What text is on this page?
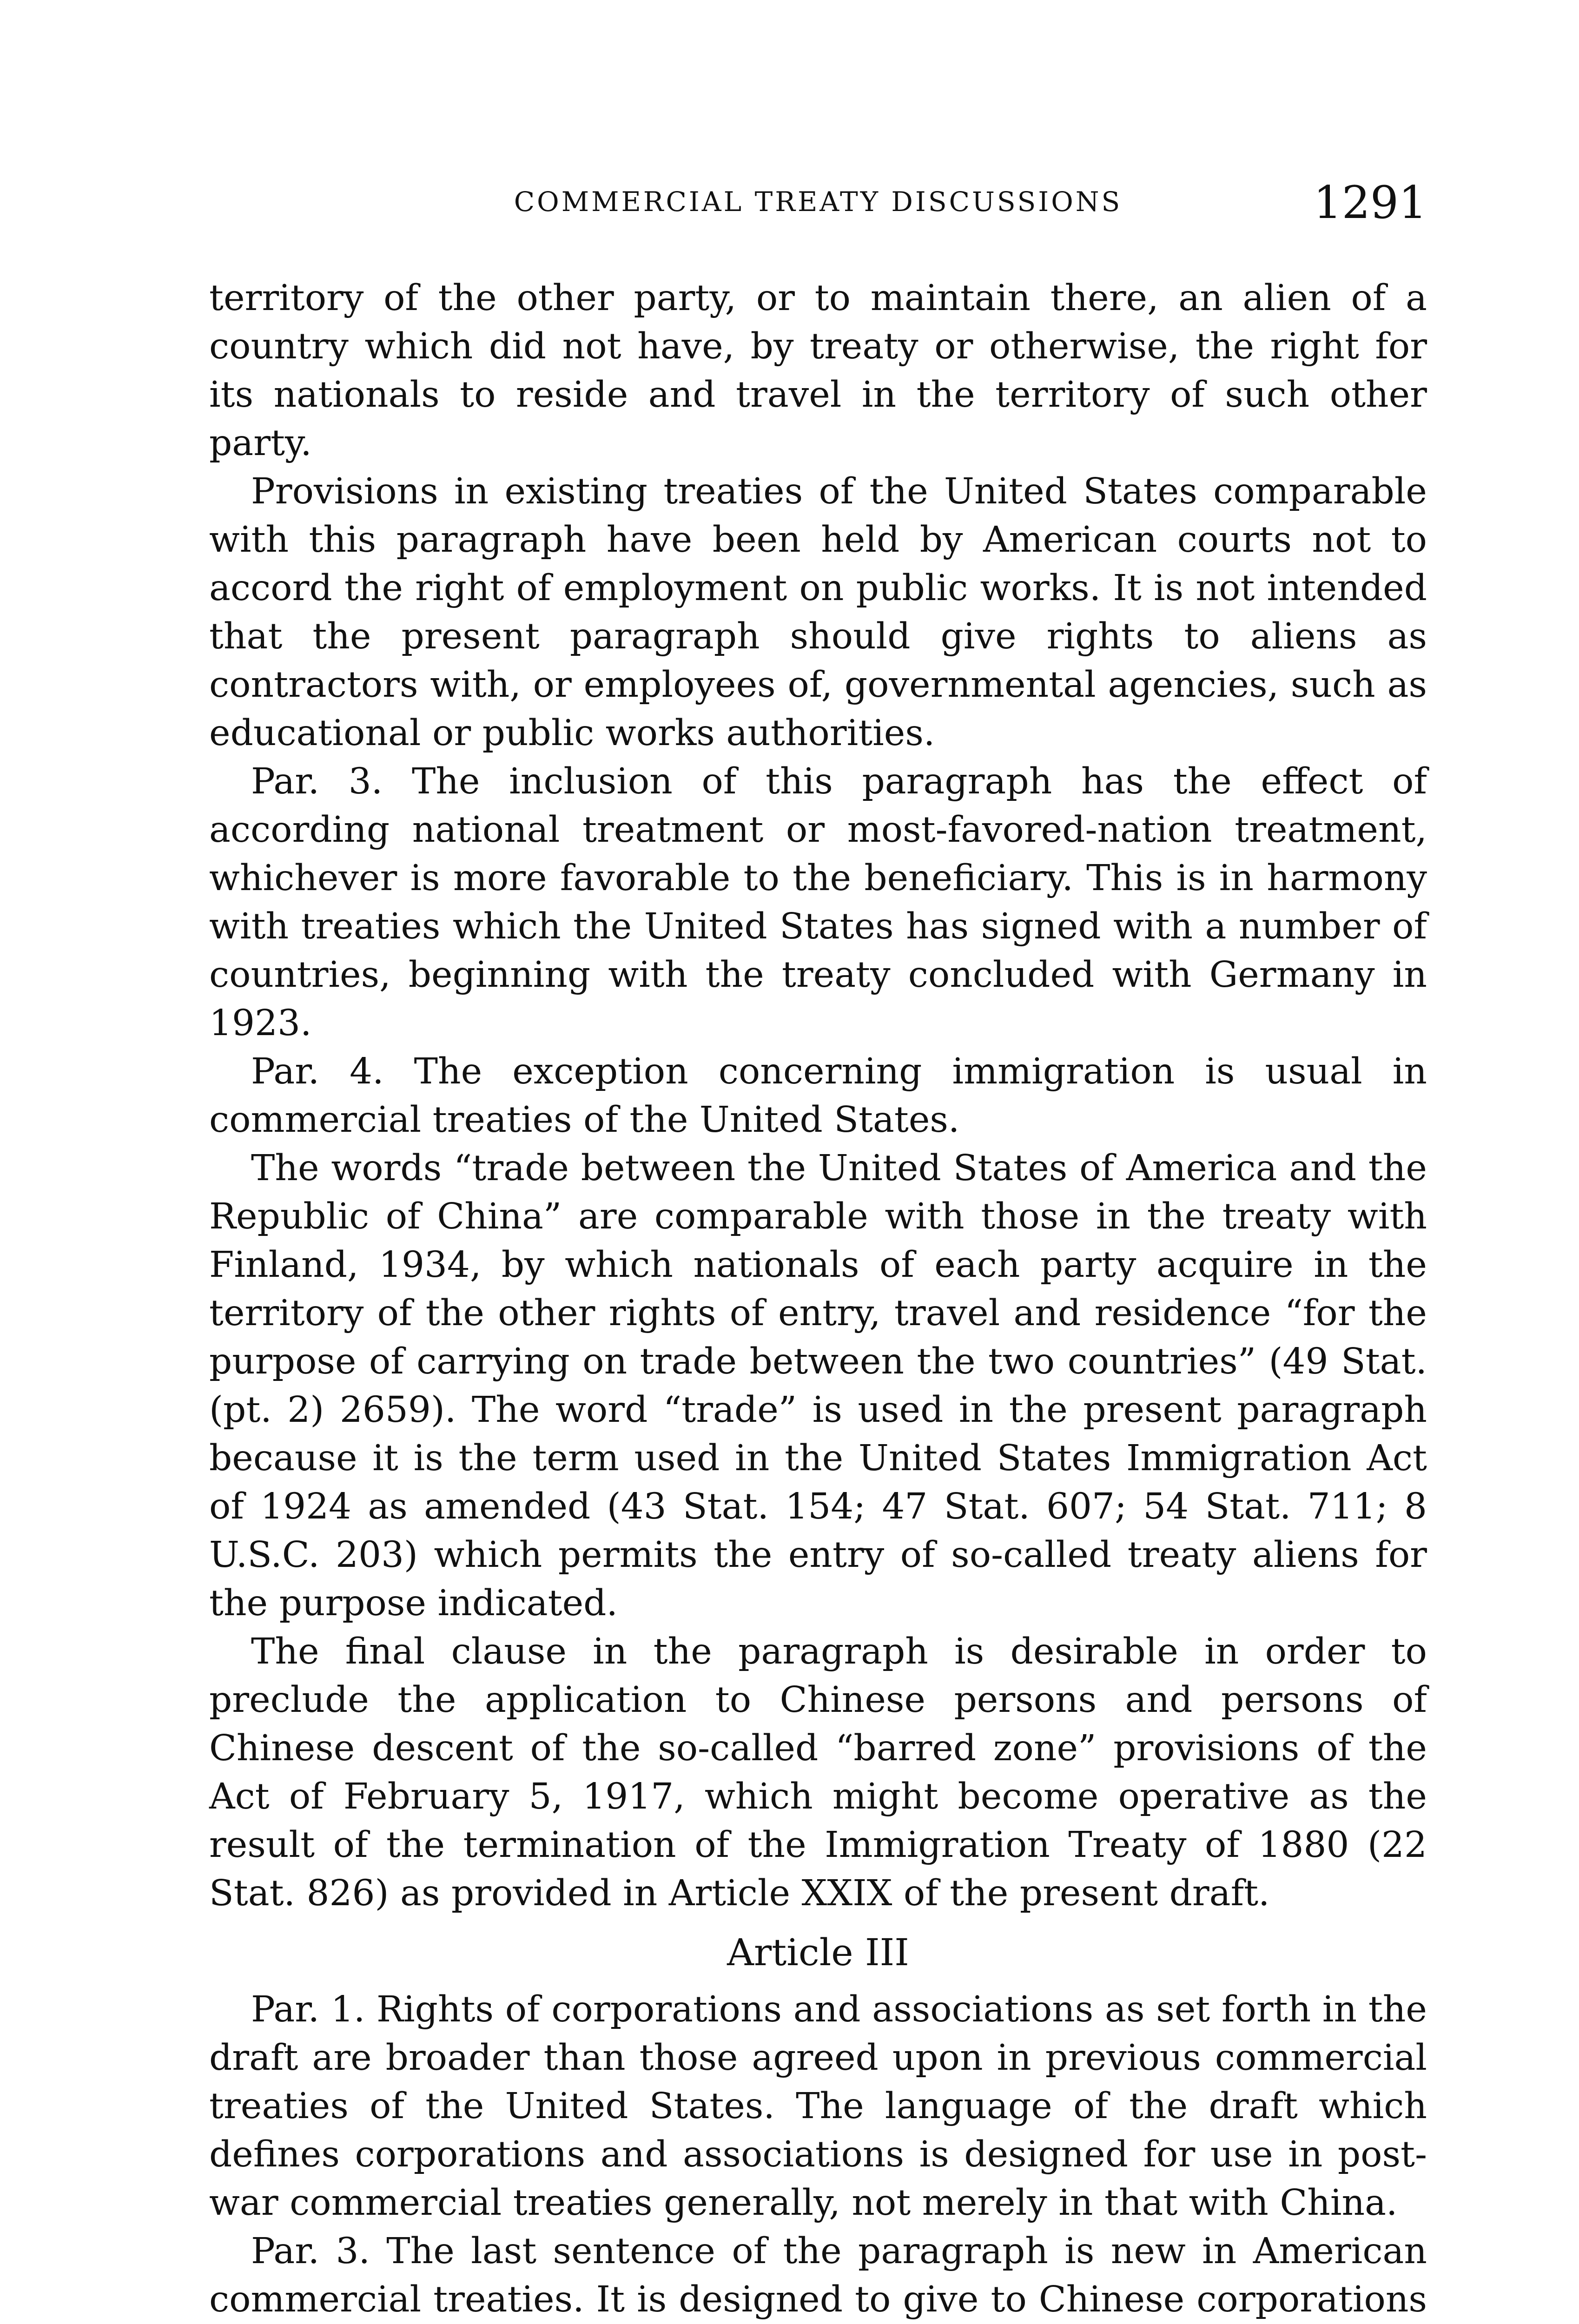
COMMERCIAL TREATY DISCUSSIONS	1291

territory of the other party, or to maintain there, an alien of a country which did not have, by treaty or otherwise, the right for its nationals to reside and travel in the territory of such other party.

Provisions in existing treaties of the United States comparable with this paragraph have been held by American courts not to accord the right of employment on public works. It is not intended that the present paragraph should give rights to aliens as contractors with, or employees of, governmental agencies, such as educational or public works authorities.

Par. 3. The inclusion of this paragraph has the effect of according national treatment or most-favored-nation treatment, whichever is more favorable to the beneficiary. This is in harmony with treaties which the United States has signed with a number of countries, beginning with the treaty concluded with Germany in 1923.

Par. 4. The exception concerning immigration is usual in commercial treaties of the United States.

The words “trade between the United States of America and the Republic of China” are comparable with those in the treaty with Finland, 1934, by which nationals of each party acquire in the territory of the other rights of entry, travel and residence “for the purpose of carrying on trade between the two countries” (49 Stat. (pt. 2) 2659). The word “trade” is used in the present paragraph because it is the term used in the United States Immigration Act of 1924 as amended (43 Stat. 154; 47 Stat. 607; 54 Stat. 711; 8 U.S.C. 203) which permits the entry of so-called treaty aliens for the purpose indicated.

The final clause in the paragraph is desirable in order to preclude the application to Chinese persons and persons of Chinese descent of the so-called “barred zone” provisions of the Act of February 5, 1917, which might become operative as the result of the termination of the Immigration Treaty of 1880 (22 Stat. 826) as provided in Article XXIX of the present draft.

Article III

Par. 1. Rights of corporations and associations as set forth in the draft are broader than those agreed upon in previous commercial treaties of the United States. The language of the draft which defines corporations and associations is designed for use in post-war commercial treaties generally, not merely in that with China.

Par. 3. The last sentence of the paragraph is new in American commercial treaties. It is designed to give to Chinese corporations
